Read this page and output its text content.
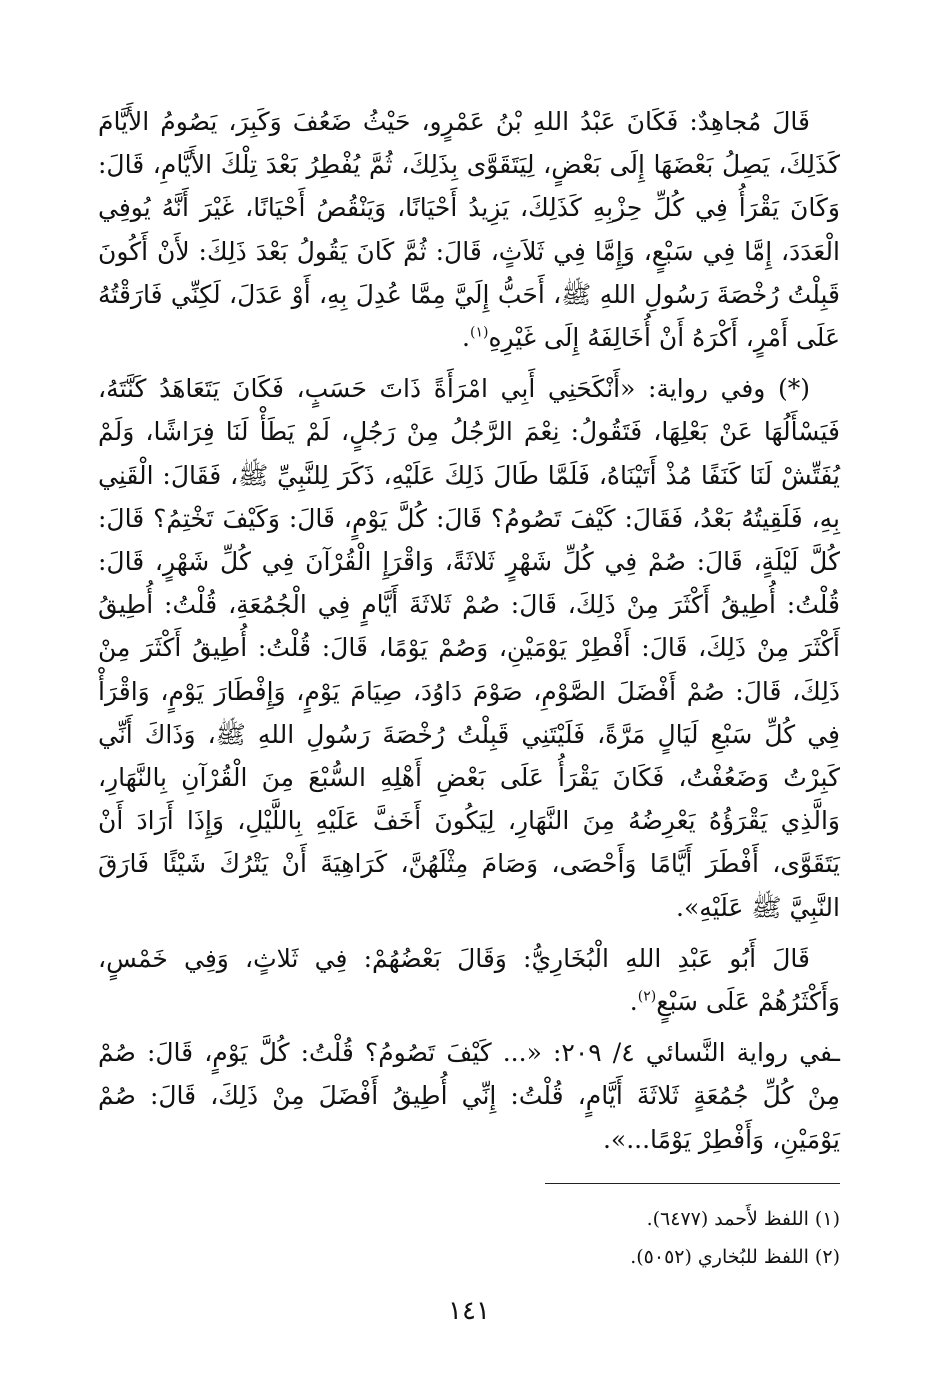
قَالَ مُجاهِدٌ: فَكَانَ عَبْدُ اللهِ بْنُ عَمْرٍو، حَيْثُ ضَعُفَ وَكَبِرَ، يَصُومُ الأَيَّامَ كَذَلِكَ، يَصِلُ بَعْضَهَا إِلَى بَعْضٍ، لِيَتَقَوَّى بِذَلِكَ، ثُمَّ يُفْطِرُ بَعْدَ تِلْكَ الأَيَّامِ، قَالَ: وَكَانَ يَقْرَأُ فِي كُلِّ حِزْبِهِ كَذَلِكَ، يَزِيدُ أَحْيَانًا، وَيَنْقُصُ أَحْيَانًا، غَيْرَ أَنَّهُ يُوفِي الْعَدَدَ، إِمَّا فِي سَبْعٍ، وَإِمَّا فِي ثَلاَثٍ، قَالَ: ثُمَّ كَانَ يَقُولُ بَعْدَ ذَلِكَ: لأَنْ أَكُونَ قَبِلْتُ رُخْصَةَ رَسُولِ اللهِ ﷺ، أَحَبُّ إِلَيَّ مِمَّا عُدِلَ بِهِ، أَوْ عَدَلَ، لَكِنِّي فَارَقْتُهُ عَلَى أَمْرٍ، أَكْرَهُ أَنْ أُخَالِفَهُ إِلَى غَيْرِهِ$^{(١)}$.

(*) وفي رواية: «أَنْكَحَنِي أَبِي امْرَأَةً ذَاتَ حَسَبٍ، فَكَانَ يَتَعَاهَدُ كَنَّتَهُ، فَيَسْأَلُهَا عَنْ بَعْلِهَا، فَتَقُولُ: نِعْمَ الرَّجُلُ مِنْ رَجُلٍ، لَمْ يَطَأْ لَنَا فِرَاشًا، وَلَمْ يُفَتِّشْ لَنَا كَنَفًا مُذْ أَتَيْنَاهُ، فَلَمَّا طَالَ ذَلِكَ عَلَيْهِ، ذَكَرَ لِلنَّبِيِّ ﷺ، فَقَالَ: الْقَنِي بِهِ، فَلَقِيتُهُ بَعْدُ، فَقَالَ: كَيْفَ تَصُومُ؟ قَالَ: كُلَّ يَوْمٍ، قَالَ: وَكَيْفَ تَخْتِمُ؟ قَالَ: كُلَّ لَيْلَةٍ، قَالَ: صُمْ فِي كُلِّ شَهْرٍ ثَلاثَةً، وَاقْرَإِ الْقُرْآنَ فِي كُلِّ شَهْرٍ، قَالَ: قُلْتُ: أُطِيقُ أَكْثَرَ مِنْ ذَلِكَ، قَالَ: صُمْ ثَلاثَةَ أَيَّامٍ فِي الْجُمُعَةِ، قُلْتُ: أُطِيقُ أَكْثَرَ مِنْ ذَلِكَ، قَالَ: أَفْطِرْ يَوْمَيْنِ، وَصُمْ يَوْمًا، قَالَ: قُلْتُ: أُطِيقُ أَكْثَرَ مِنْ ذَلِكَ، قَالَ: صُمْ أَفْضَلَ الصَّوْمِ، صَوْمَ دَاوُدَ، صِيَامَ يَوْمٍ، وَإِفْطَارَ يَوْمٍ، وَاقْرَأْ فِي كُلِّ سَبْعِ لَيَالٍ مَرَّةً، فَلَيْتَنِي قَبِلْتُ رُخْصَةَ رَسُولِ اللهِ ﷺ، وَذَاكَ أَنِّي كَبِرْتُ وَضَعُفْتُ، فَكَانَ يَقْرَأُ عَلَى بَعْضِ أَهْلِهِ السُّبْعَ مِنَ الْقُرْآنِ بِالنَّهَارِ، وَالَّذِي يَقْرَؤُهُ يَعْرِضُهُ مِنَ النَّهَارِ، لِيَكُونَ أَخَفَّ عَلَيْهِ بِاللَّيْلِ، وَإِذَا أَرَادَ أَنْ يَتَقَوَّى، أَفْطَرَ أَيَّامًا وَأَحْصَى، وَصَامَ مِثْلَهُنَّ، كَرَاهِيَةَ أَنْ يَتْرُكَ شَيْئًا فَارَقَ النَّبِيَّ ﷺ عَلَيْهِ».

قَالَ أَبُو عَبْدِ اللهِ الْبُخَارِيُّ: وَقَالَ بَعْضُهُمْ: فِي ثَلاثٍ، وَفِي خَمْسٍ، وَأَكْثَرُهُمْ عَلَى سَبْعٍ$^{(٢)}$.

ـفي رواية النَّسائي ٤/ ٢٠٩: «... كَيْفَ تَصُومُ؟ قُلْتُ: كُلَّ يَوْمٍ، قَالَ: صُمْ مِنْ كُلِّ جُمُعَةٍ ثَلاثَةَ أَيَّامٍ، قُلْتُ: إِنِّي أُطِيقُ أَفْضَلَ مِنْ ذَلِكَ، قَالَ: صُمْ يَوْمَيْنِ، وَأَفْطِرْ يَوْمًا...».

(١) اللفظ لأَحمد (٦٤٧٧).

(٢) اللفظ للبُخاري (٥٠٥٢).

١٤١
